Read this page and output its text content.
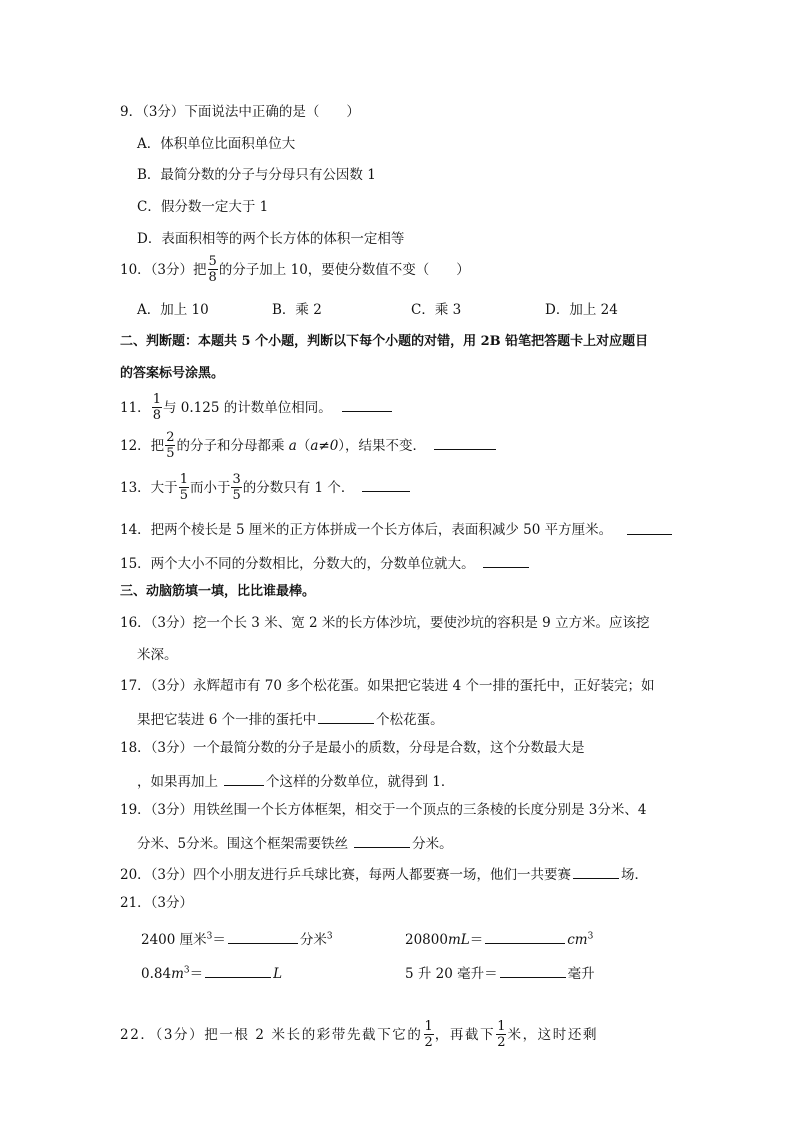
9．（3分）下面说法中正确的是（　　）
A．体积单位比面积单位大
B．最简分数的分子与分母只有公因数 1
C．假分数一定大于 1
D．表面积相等的两个长方体的体积一定相等
10．（3分）把 $\frac{5}{8}$ 的分子加上 10，要使分数值不变（　　）
A．加上 10	B．乘 2	C．乘 3	D．加上 24
二、判断题：本题共 5 个小题，判断以下每个小题的对错，用 2B 铅笔把答题卡上对应题目
的答案标号涂黑。
11． $\frac{1}{8}$ 与 0.125 的计数单位相同。
12．把 $\frac{2}{5}$ 的分子和分母都乘 a（a≠0），结果不变．
13．大于 $\frac{1}{5}$ 而小于 $\frac{3}{5}$ 的分数只有 1 个．
14．把两个棱长是 5 厘米的正方体拼成一个长方体后，表面积减少 50 平方厘米。
15．两个大小不同的分数相比，分数大的，分数单位就大。
三、动脑筋填一填，比比谁最棒。
16．（3分）挖一个长 3 米、宽 2 米的长方体沙坑，要使沙坑的容积是 9 立方米。应该挖
米深。
17．（3分）永辉超市有 70 多个松花蛋。如果把它装进 4 个一排的蛋托中，正好装完；如
果把它装进 6 个一排的蛋托中	个松花蛋。
18．（3分）一个最简分数的分子是最小的质数，分母是合数，这个分数最大是
，如果再加上	个这样的分数单位，就得到 1．
19．（3分）用铁丝围一个长方体框架，相交于一个顶点的三条棱的长度分别是 3分米、4
分米、5分米。围这个框架需要铁丝	分米。
20．（3分）四个小朋友进行乒乓球比赛，每两人都要赛一场，他们一共要赛	场．
21．（3分）
2400 厘米$^3$＝	分米$^3$	20800mL＝	$cm^3$
$0.84m^3=$	L	5 升 20 毫升＝	毫升
22．（3分）把一根 2 米长的彩带先截下它的 $\frac{1}{2}$ ，再截下 $\frac{1}{2}$ 米，这时还剩
